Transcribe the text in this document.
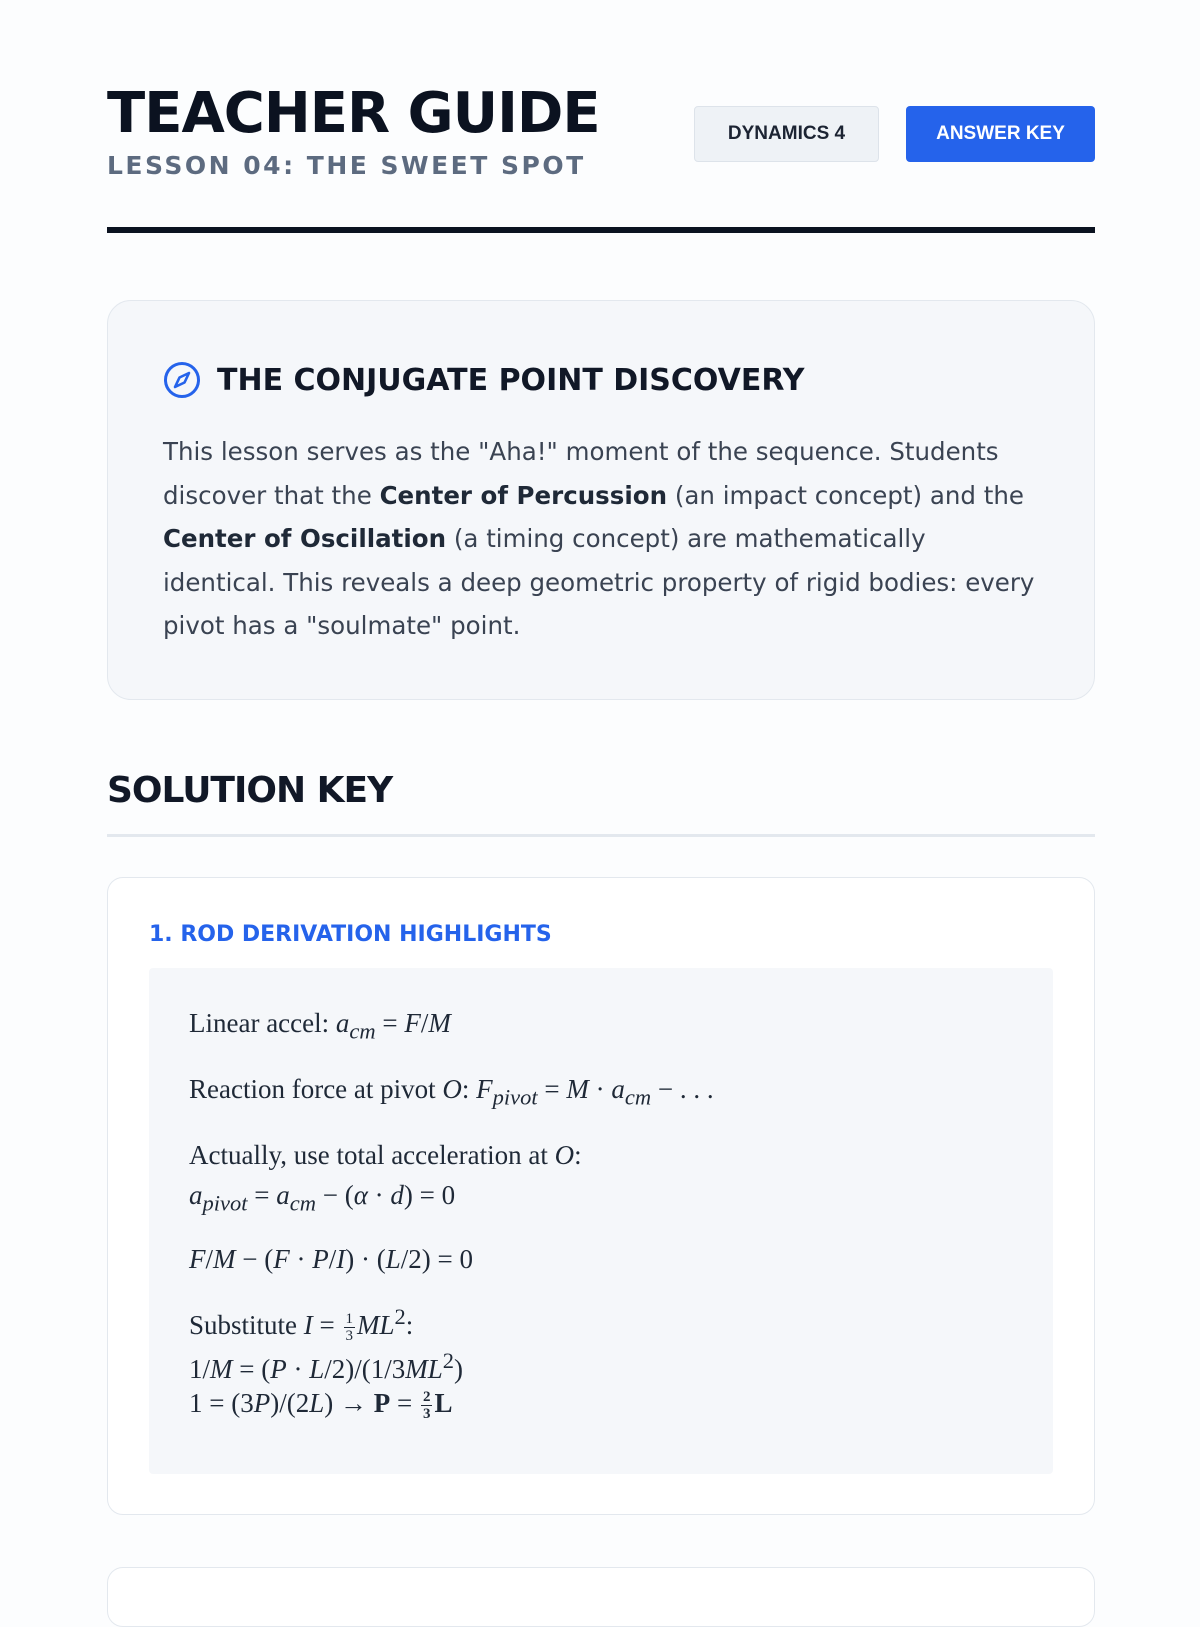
TEACHER GUIDE
LESSON 04: THE SWEET SPOT
DYNAMICS 4	ANSWER KEY
THE CONJUGATE POINT DISCOVERY
This lesson serves as the "Aha!" moment of the sequence. Students discover that the Center of Percussion (an impact concept) and the Center of Oscillation (a timing concept) are mathematically identical. This reveals a deep geometric property of rigid bodies: every pivot has a "soulmate" point.
SOLUTION KEY
1. ROD DERIVATION HIGHLIGHTS
Linear accel: $a_{cm} = F/M$
Reaction force at pivot O: $F_{pivot} = M \cdot a_{cm}$ − . . .
Actually, use total acceleration at O:
$a_{pivot} = a_{cm} - (\alpha \cdot d) = 0$
F/M − (F · P/I) · (L/2) = 0
Substitute $I = \frac{1}{3} ML^2$:
$1/M = (P \cdot L/2)/(1/3ML^2)$
$1 = (3P)/(2L) \to P = \frac{2}{3}$ L
